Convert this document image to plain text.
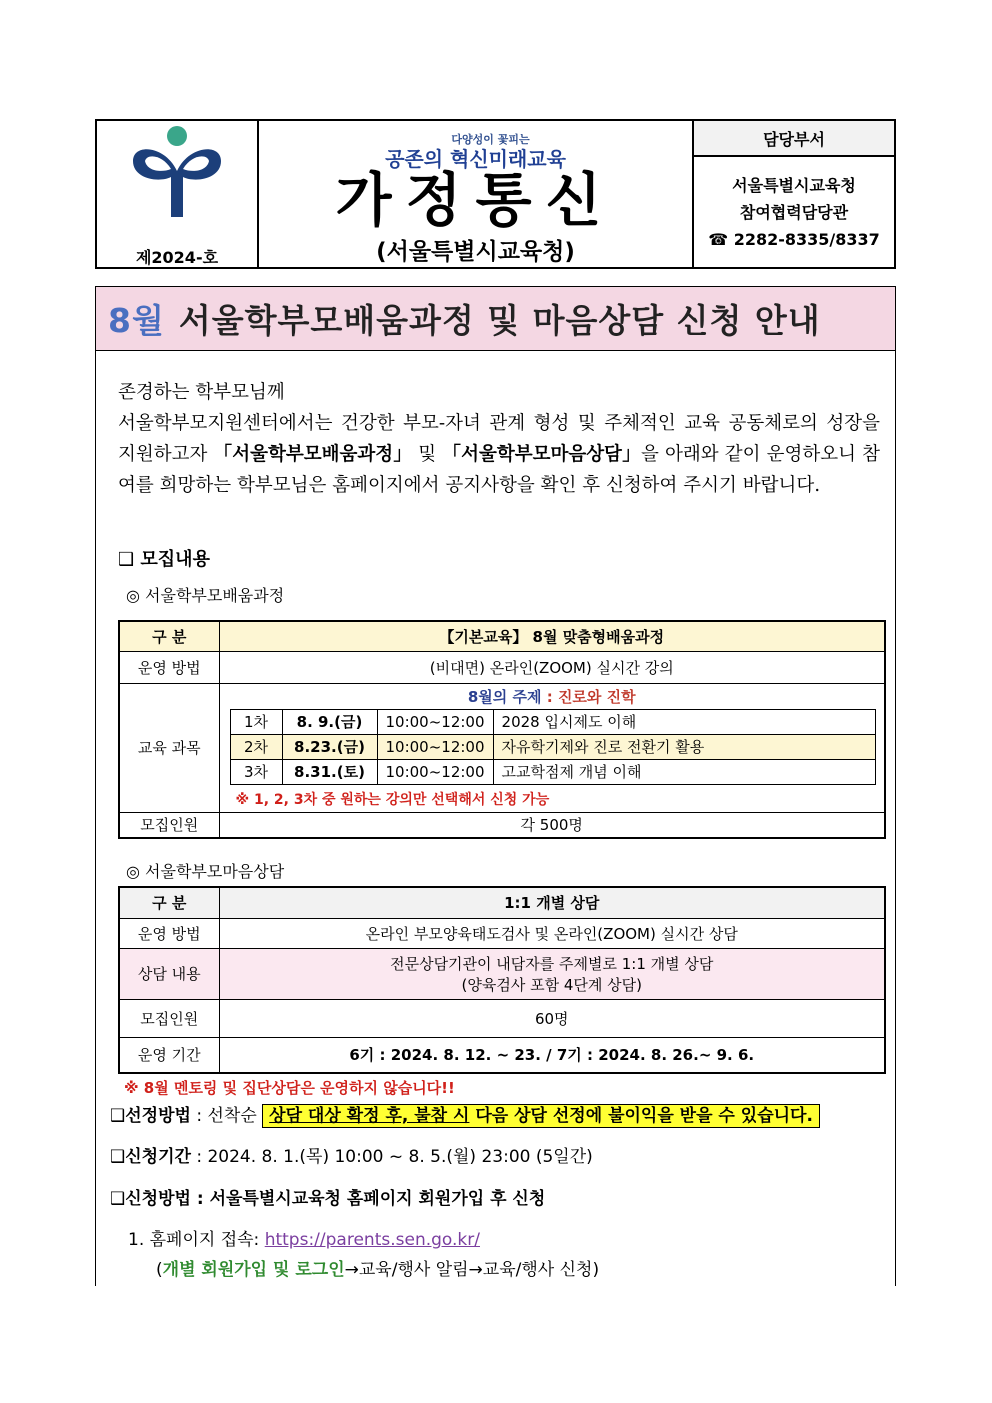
제2024-호
다양성이 꽃피는
공존의 혁신미래교육
가정통신
(서울특별시교육청)
담당부서
서울특별시교육청
참여협력담당관
☎ 2282-8335/8337
8월 서울학부모배움과정 및 마음상담 신청 안내
존경하는 학부모님께
서울학부모지원센터에서는 건강한 부모-자녀 관계 형성 및 주체적인 교육 공동체로의 성장을 지원하고자 「서울학부모배움과정」 및 「서울학부모마음상담」을 아래와 같이 운영하오니 참여를 희망하는 학부모님은 홈페이지에서 공지사항을 확인 후 신청하여 주시기 바랍니다.
❑ 모집내용
◎ 서울학부모배움과정
구 분	【기본교육】 8월 맞춤형배움과정
운영 방법	(비대면) 온라인(ZOOM) 실시간 강의
교육 과목	
8월의 주제 : 진로와 진학
1차	8. 9.(금)	10:00~12:00	2028 입시제도 이해
2차	8.23.(금)	10:00~12:00	자유학기제와 진로 전환기 활용
3차	8.31.(토)	10:00~12:00	고교학점제 개념 이해
※ 1, 2, 3차 중 원하는 강의만 선택해서 신청 가능

모집인원	각 500명
◎ 서울학부모마음상담
구 분	1:1 개별 상담
운영 방법	온라인 부모양육태도검사 및 온라인(ZOOM) 실시간 상담
상담 내용	전문상담기관이 내담자를 주제별로 1:1 개별 상담
(양육검사 포함 4단계 상담)

모집인원	60명
운영 기간	6기 : 2024. 8. 12. ~ 23. / 7기 : 2024. 8. 26.~ 9. 6.
※ 8월 멘토링 및 집단상담은 운영하지 않습니다!!
❑선정방법 : 선착순 상담 대상 확정 후, 불참 시 다음 상담 선정에 불이익을 받을 수 있습니다.
❑신청기간 : 2024. 8. 1.(목) 10:00 ~ 8. 5.(월) 23:00 (5일간)
❑신청방법 : 서울특별시교육청 홈페이지 회원가입 후 신청
1. 홈페이지 접속: https://parents.sen.go.kr/
(개별 회원가입 및 로그인→교육/행사 알림→교육/행사 신청)
